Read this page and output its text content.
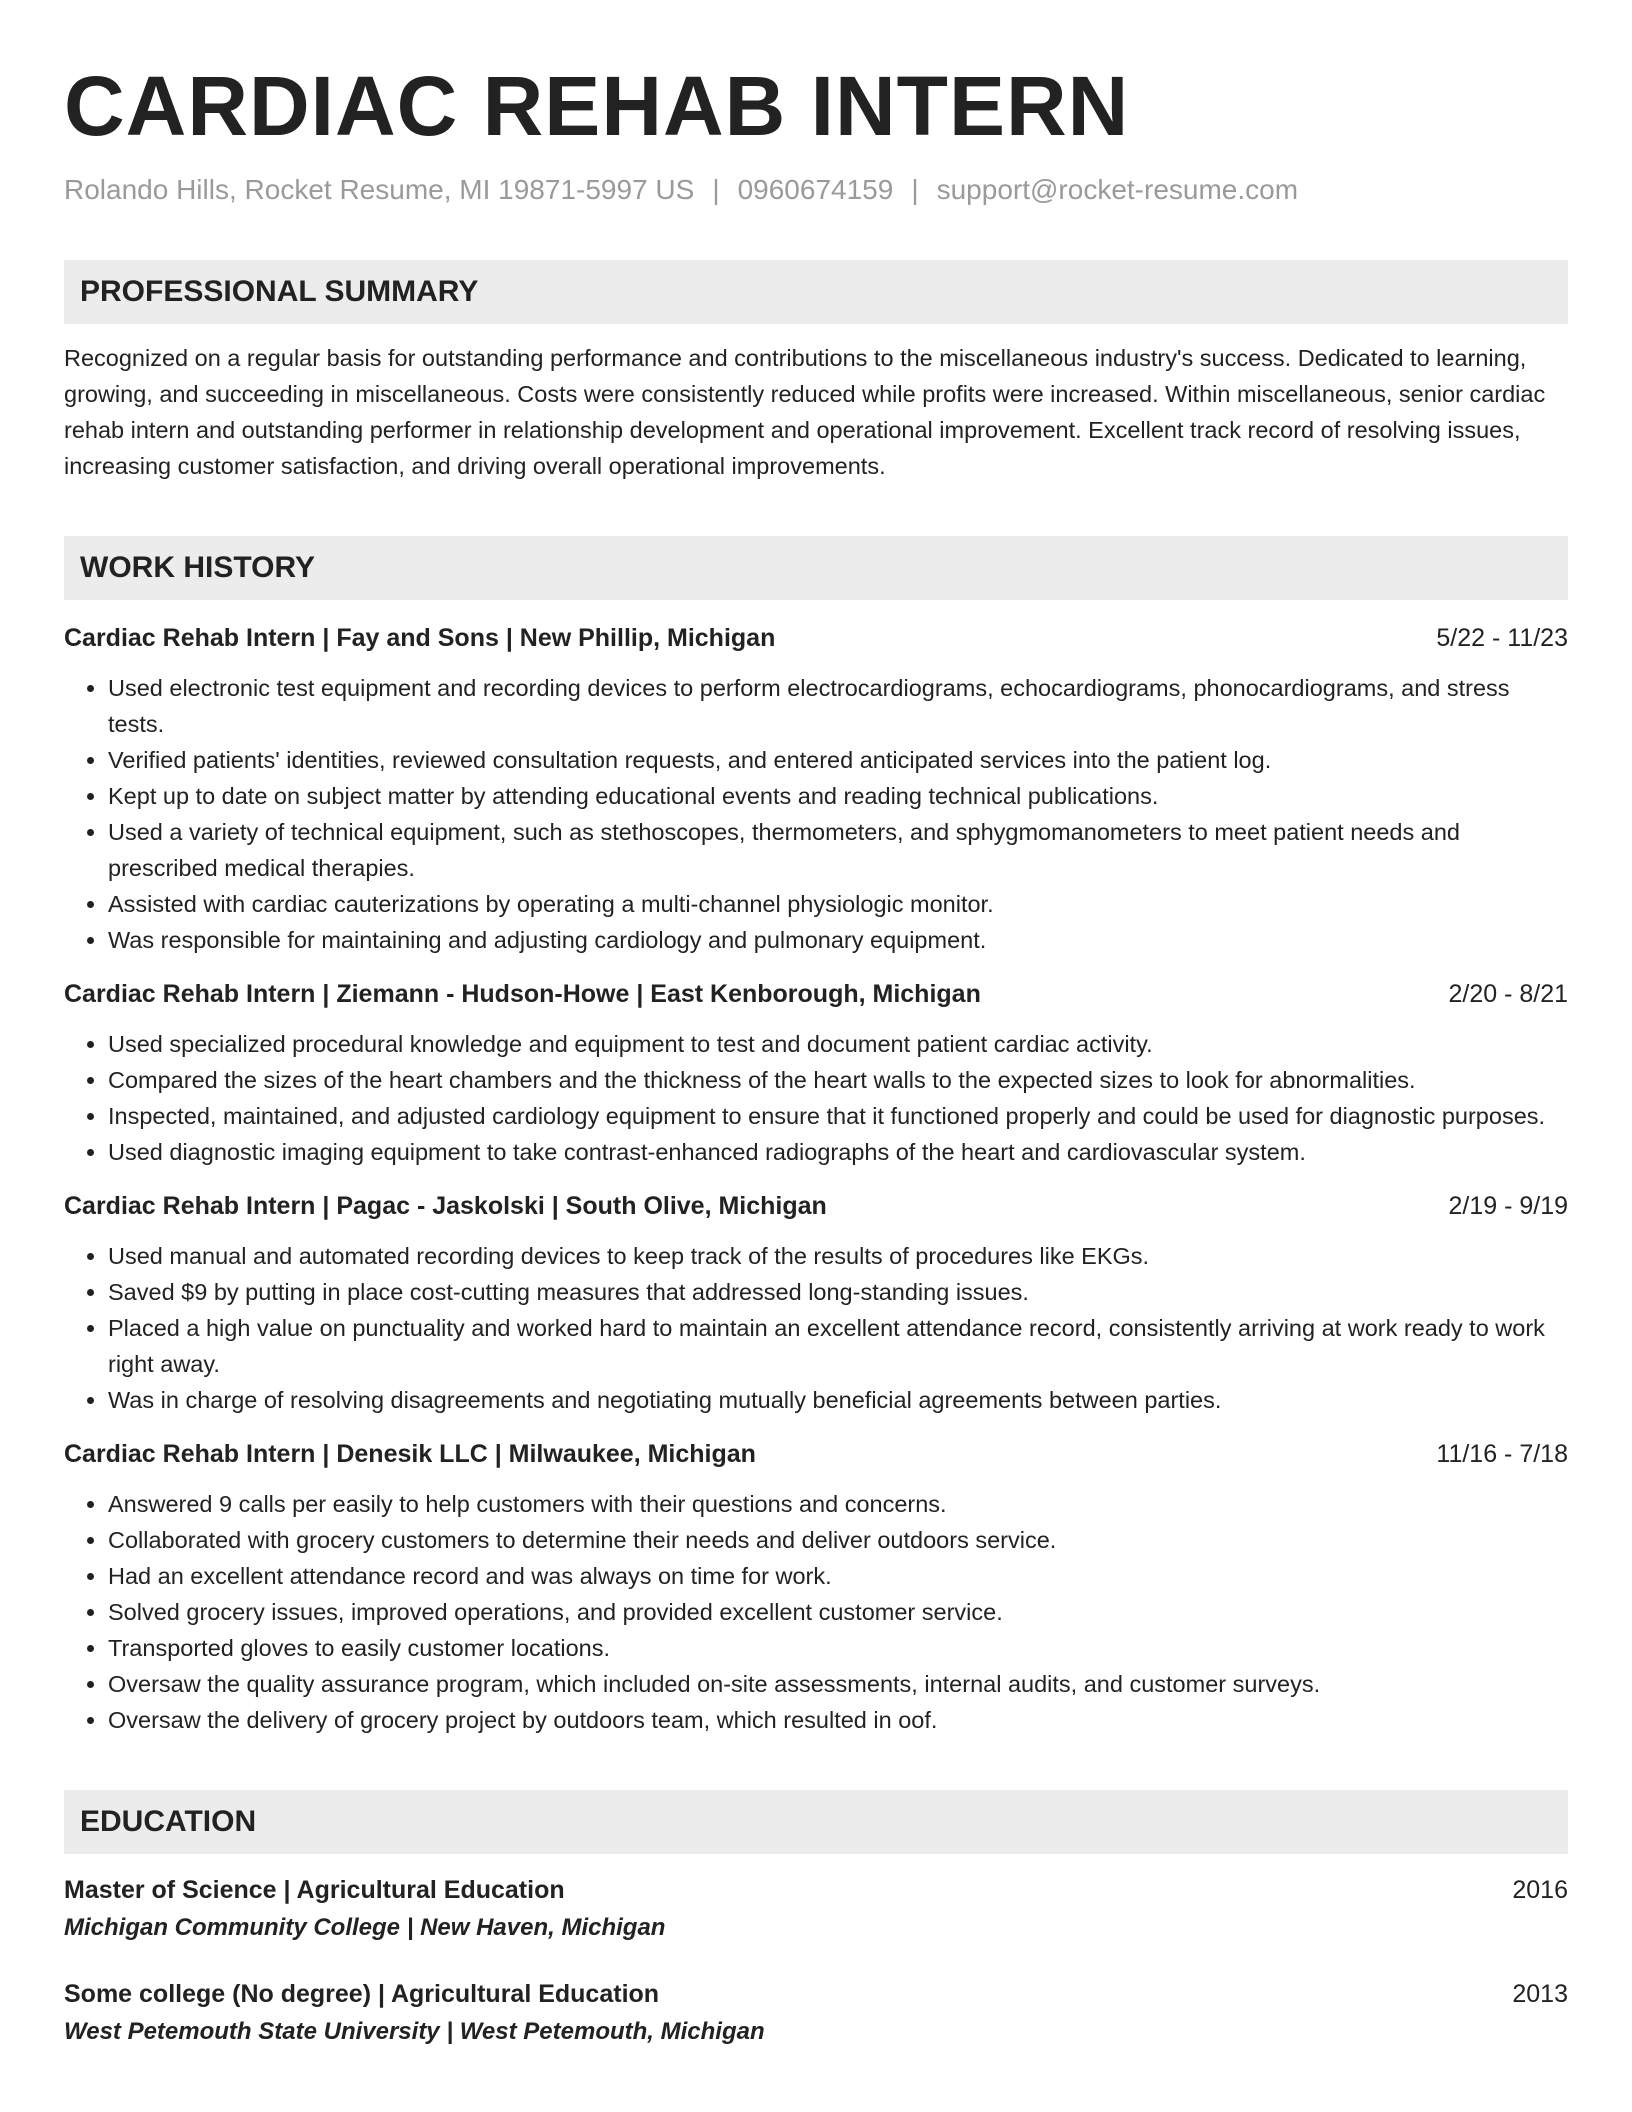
CARDIAC REHAB INTERN
Rolando Hills, Rocket Resume, MI 19871-5997 US | 0960674159 | support@rocket-resume.com
PROFESSIONAL SUMMARY
Recognized on a regular basis for outstanding performance and contributions to the miscellaneous industry's success. Dedicated to learning, growing, and succeeding in miscellaneous. Costs were consistently reduced while profits were increased. Within miscellaneous, senior cardiac rehab intern and outstanding performer in relationship development and operational improvement. Excellent track record of resolving issues, increasing customer satisfaction, and driving overall operational improvements.
WORK HISTORY
Cardiac Rehab Intern | Fay and Sons | New Phillip, Michigan	5/22 - 11/23
• Used electronic test equipment and recording devices to perform electrocardiograms, echocardiograms, phonocardiograms, and stress tests.
• Verified patients' identities, reviewed consultation requests, and entered anticipated services into the patient log.
• Kept up to date on subject matter by attending educational events and reading technical publications.
• Used a variety of technical equipment, such as stethoscopes, thermometers, and sphygmomanometers to meet patient needs and prescribed medical therapies.
• Assisted with cardiac cauterizations by operating a multi-channel physiologic monitor.
• Was responsible for maintaining and adjusting cardiology and pulmonary equipment.
Cardiac Rehab Intern | Ziemann - Hudson-Howe | East Kenborough, Michigan	2/20 - 8/21
• Used specialized procedural knowledge and equipment to test and document patient cardiac activity.
• Compared the sizes of the heart chambers and the thickness of the heart walls to the expected sizes to look for abnormalities.
• Inspected, maintained, and adjusted cardiology equipment to ensure that it functioned properly and could be used for diagnostic purposes.
• Used diagnostic imaging equipment to take contrast-enhanced radiographs of the heart and cardiovascular system.
Cardiac Rehab Intern | Pagac - Jaskolski | South Olive, Michigan	2/19 - 9/19
• Used manual and automated recording devices to keep track of the results of procedures like EKGs.
• Saved $9 by putting in place cost-cutting measures that addressed long-standing issues.
• Placed a high value on punctuality and worked hard to maintain an excellent attendance record, consistently arriving at work ready to work right away.
• Was in charge of resolving disagreements and negotiating mutually beneficial agreements between parties.
Cardiac Rehab Intern | Denesik LLC | Milwaukee, Michigan	11/16 - 7/18
• Answered 9 calls per easily to help customers with their questions and concerns.
• Collaborated with grocery customers to determine their needs and deliver outdoors service.
• Had an excellent attendance record and was always on time for work.
• Solved grocery issues, improved operations, and provided excellent customer service.
• Transported gloves to easily customer locations.
• Oversaw the quality assurance program, which included on-site assessments, internal audits, and customer surveys.
• Oversaw the delivery of grocery project by outdoors team, which resulted in oof.
EDUCATION
Master of Science | Agricultural Education	2016
Michigan Community College | New Haven, Michigan
Some college (No degree) | Agricultural Education	2013
West Petemouth State University | West Petemouth, Michigan
